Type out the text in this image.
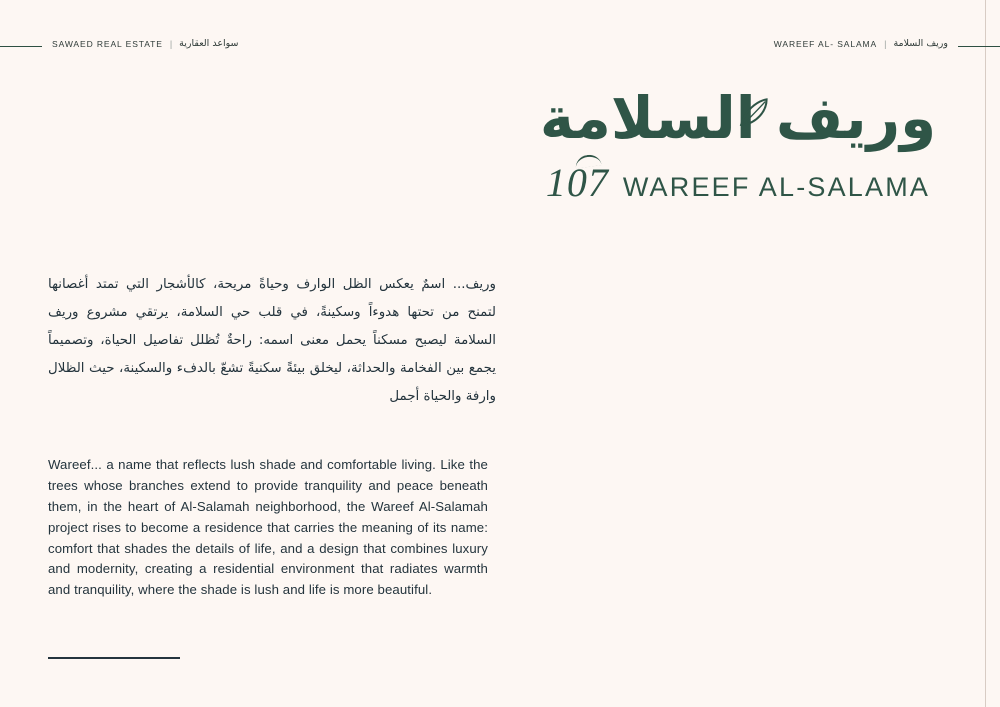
SAWAED REAL ESTATE | سواعد العقارية	WAREEF AL- SALAMA | وريف السلامة
وريف السلامة
107 WAREEF AL-SALAMA

وريف... اسمٌ يعكس الظل الوارف وحياةً مريحة، كالأشجار التي تمتد أغصانها لتمنح من تحتها هدوءاً وسكينةً، في قلب حي السلامة، يرتقي مشروع وريف السلامة ليصبح مسكناً يحمل معنى اسمه: راحةٌ تُظلل تفاصيل الحياة، وتصميماً يجمع بين الفخامة والحداثة، ليخلق بيئةً سكنيةً تشعّ بالدفء والسكينة، حيث الظلال وارفة والحياة أجمل

Wareef... a name that reflects lush shade and comfortable living. Like the trees whose branches extend to provide tranquility and peace beneath them, in the heart of Al-Salamah neighborhood, the Wareef Al-Salamah project rises to become a residence that carries the meaning of its name: comfort that shades the details of life, and a design that combines luxury and modernity, creating a residential environment that radiates warmth and tranquility, where the shade is lush and life is more beautiful.
